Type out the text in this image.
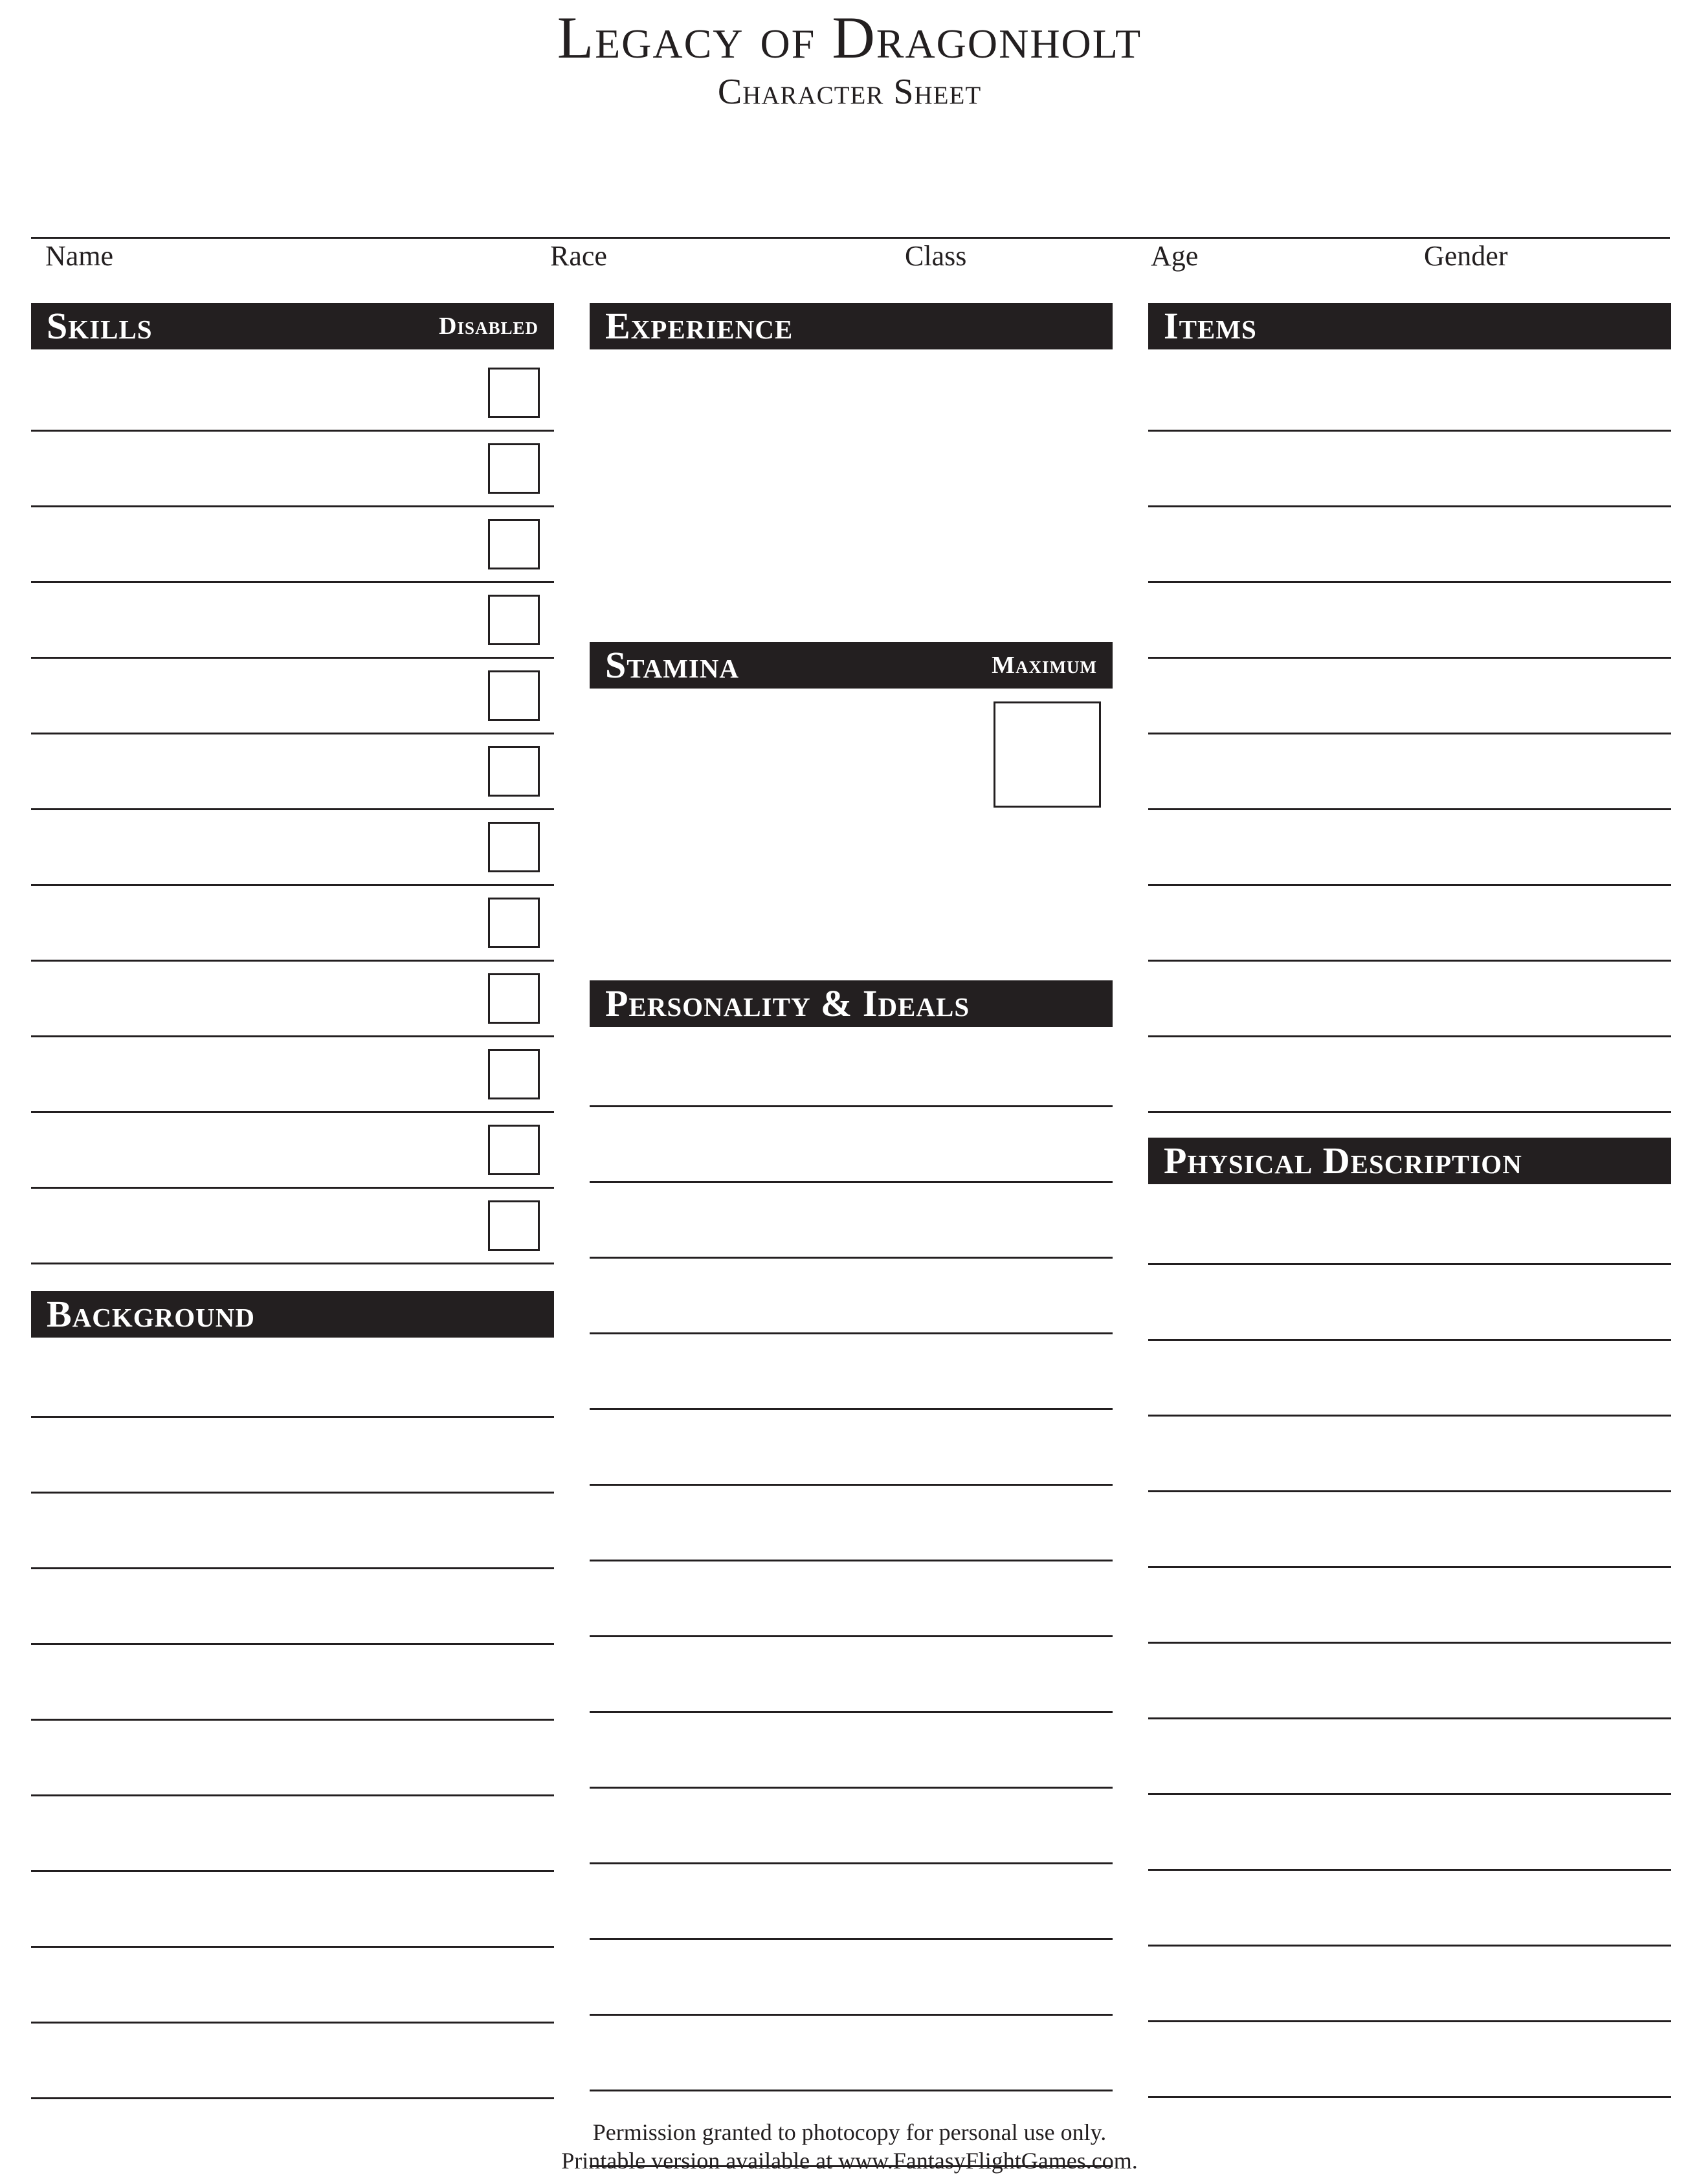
Legacy of Dragonholt
Character Sheet
Name	Race	Class	Age	Gender
Skills	Disabled
Background
Experience
Stamina	Maximum
Personality & Ideals
Items
Physical Description
Permission granted to photocopy for personal use only.
Printable version available at www.FantasyFlightGames.com.
